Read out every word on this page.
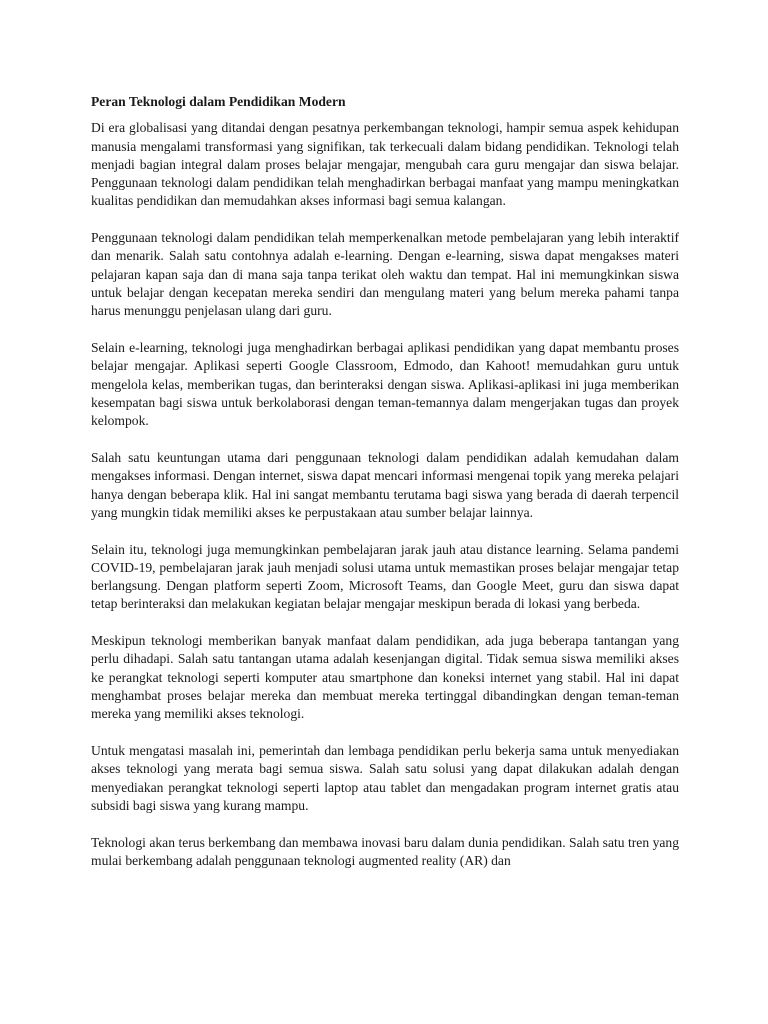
Peran Teknologi dalam Pendidikan Modern

Di era globalisasi yang ditandai dengan pesatnya perkembangan teknologi, hampir semua aspek kehidupan manusia mengalami transformasi yang signifikan, tak terkecuali dalam bidang pendidikan. Teknologi telah menjadi bagian integral dalam proses belajar mengajar, mengubah cara guru mengajar dan siswa belajar. Penggunaan teknologi dalam pendidikan telah menghadirkan berbagai manfaat yang mampu meningkatkan kualitas pendidikan dan memudahkan akses informasi bagi semua kalangan.

Penggunaan teknologi dalam pendidikan telah memperkenalkan metode pembelajaran yang lebih interaktif dan menarik. Salah satu contohnya adalah e-learning. Dengan e-learning, siswa dapat mengakses materi pelajaran kapan saja dan di mana saja tanpa terikat oleh waktu dan tempat. Hal ini memungkinkan siswa untuk belajar dengan kecepatan mereka sendiri dan mengulang materi yang belum mereka pahami tanpa harus menunggu penjelasan ulang dari guru.

Selain e-learning, teknologi juga menghadirkan berbagai aplikasi pendidikan yang dapat membantu proses belajar mengajar. Aplikasi seperti Google Classroom, Edmodo, dan Kahoot! memudahkan guru untuk mengelola kelas, memberikan tugas, dan berinteraksi dengan siswa. Aplikasi-aplikasi ini juga memberikan kesempatan bagi siswa untuk berkolaborasi dengan teman-temannya dalam mengerjakan tugas dan proyek kelompok.

Salah satu keuntungan utama dari penggunaan teknologi dalam pendidikan adalah kemudahan dalam mengakses informasi. Dengan internet, siswa dapat mencari informasi mengenai topik yang mereka pelajari hanya dengan beberapa klik. Hal ini sangat membantu terutama bagi siswa yang berada di daerah terpencil yang mungkin tidak memiliki akses ke perpustakaan atau sumber belajar lainnya.

Selain itu, teknologi juga memungkinkan pembelajaran jarak jauh atau distance learning. Selama pandemi COVID-19, pembelajaran jarak jauh menjadi solusi utama untuk memastikan proses belajar mengajar tetap berlangsung. Dengan platform seperti Zoom, Microsoft Teams, dan Google Meet, guru dan siswa dapat tetap berinteraksi dan melakukan kegiatan belajar mengajar meskipun berada di lokasi yang berbeda.

Meskipun teknologi memberikan banyak manfaat dalam pendidikan, ada juga beberapa tantangan yang perlu dihadapi. Salah satu tantangan utama adalah kesenjangan digital. Tidak semua siswa memiliki akses ke perangkat teknologi seperti komputer atau smartphone dan koneksi internet yang stabil. Hal ini dapat menghambat proses belajar mereka dan membuat mereka tertinggal dibandingkan dengan teman-teman mereka yang memiliki akses teknologi.

Untuk mengatasi masalah ini, pemerintah dan lembaga pendidikan perlu bekerja sama untuk menyediakan akses teknologi yang merata bagi semua siswa. Salah satu solusi yang dapat dilakukan adalah dengan menyediakan perangkat teknologi seperti laptop atau tablet dan mengadakan program internet gratis atau subsidi bagi siswa yang kurang mampu.

Teknologi akan terus berkembang dan membawa inovasi baru dalam dunia pendidikan. Salah satu tren yang mulai berkembang adalah penggunaan teknologi augmented reality (AR) dan
